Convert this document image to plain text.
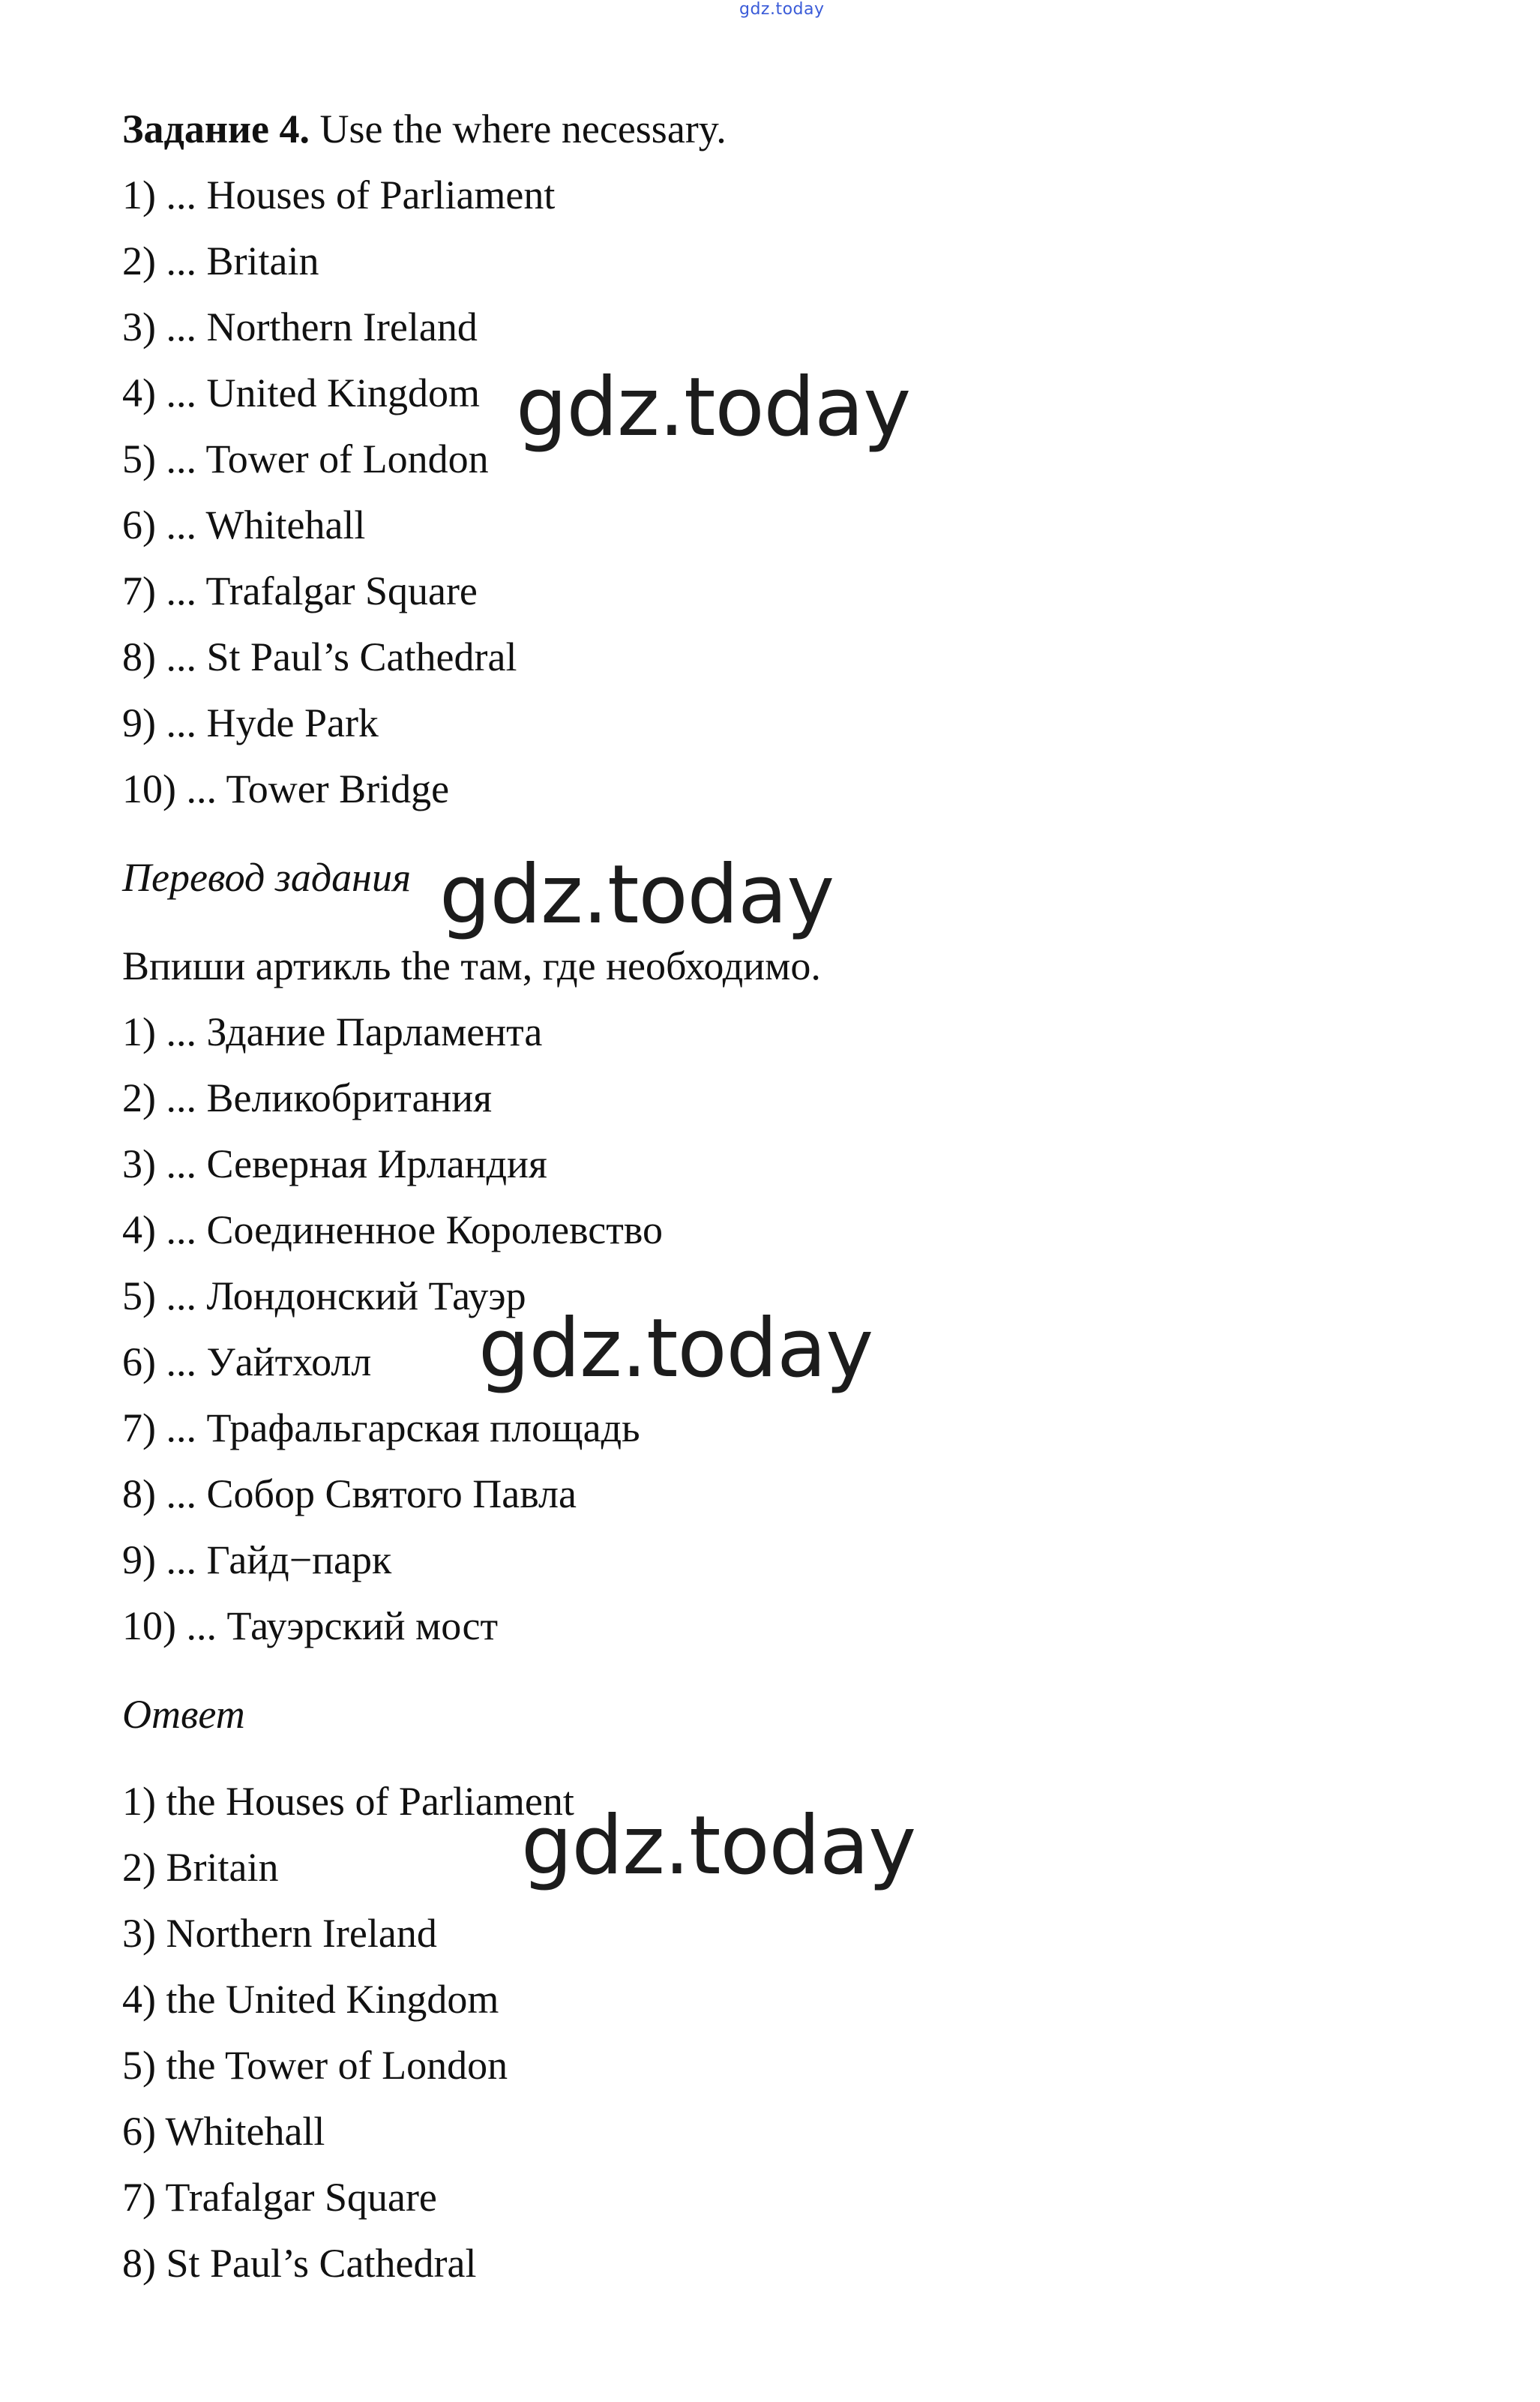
gdz.today
Задание 4. Use the where necessary.
1) ... Houses of Parliament
2) ... Britain
3) ... Northern Ireland
4) ... United Kingdom
5) ... Tower of London
6) ... Whitehall
7) ... Trafalgar Square
8) ... St Paul’s Cathedral
9) ... Hyde Park
10) ... Tower Bridge
Перевод задания
Впиши артикль the там, где необходимо.
1) ... Здание Парламента
2) ... Великобритания
3) ... Северная Ирландия
4) ... Соединенное Королевство
5) ... Лондонский Тауэр
6) ... Уайтхолл
7) ... Трафальгарская площадь
8) ... Собор Святого Павла
9) ... Гайд−парк
10) ... Тауэрский мост
Ответ
1) the Houses of Parliament
2) Britain
3) Northern Ireland
4) the United Kingdom
5) the Tower of London
6) Whitehall
7) Trafalgar Square
8) St Paul’s Cathedral
gdz.today
gdz.today
gdz.today
gdz.today
